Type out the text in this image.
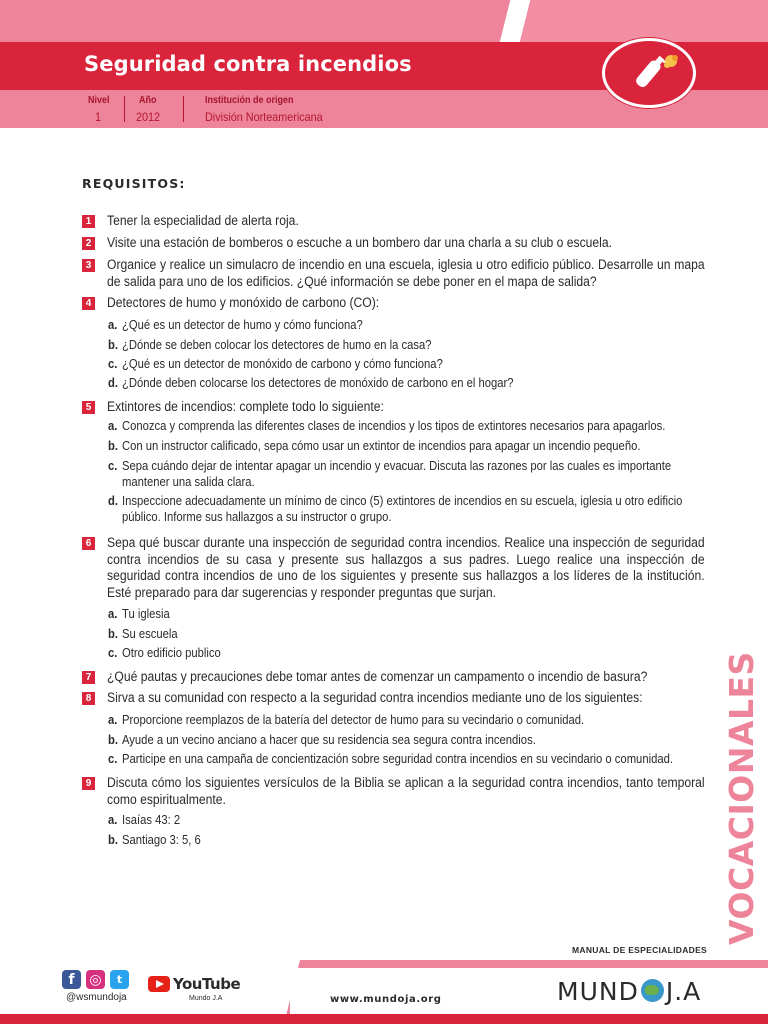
Seguridad contra incendios
Nivel
1
Año
2012
Institución de origen
División Norteamericana
REQUISITOS:
1 Tener la especialidad de alerta roja.
2 Visite una estación de bomberos o escuche a un bombero dar una charla a su club o escuela.
3 Organice y realice un simulacro de incendio en una escuela, iglesia u otro edificio público. Desarrolle un mapa de salida para uno de los edificios. ¿Qué información se debe poner en el mapa de salida?
4 Detectores de humo y monóxido de carbono (CO):
a. ¿Qué es un detector de humo y cómo funciona?
b. ¿Dónde se deben colocar los detectores de humo en la casa?
c. ¿Qué es un detector de monóxido de carbono y cómo funciona?
d. ¿Dónde deben colocarse los detectores de monóxido de carbono en el hogar?
5 Extintores de incendios: complete todo lo siguiente:
a. Conozca y comprenda las diferentes clases de incendios y los tipos de extintores necesarios para apagarlos.
b. Con un instructor calificado, sepa cómo usar un extintor de incendios para apagar un incendio pequeño.
c. Sepa cuándo dejar de intentar apagar un incendio y evacuar. Discuta las razones por las cuales es importante mantener una salida clara.
d. Inspeccione adecuadamente un mínimo de cinco (5) extintores de incendios en su escuela, iglesia u otro edificio público. Informe sus hallazgos a su instructor o grupo.
6 Sepa qué buscar durante una inspección de seguridad contra incendios. Realice una inspección de seguridad contra incendios de su casa y presente sus hallazgos a sus padres. Luego realice una inspección de seguridad contra incendios de uno de los siguientes y presente sus hallazgos a los líderes de la institución. Esté preparado para dar sugerencias y responder preguntas que surjan.
a. Tu iglesia
b. Su escuela
c. Otro edificio publico
7 ¿Qué pautas y precauciones debe tomar antes de comenzar un campamento o incendio de basura?
8 Sirva a su comunidad con respecto a la seguridad contra incendios mediante uno de los siguientes:
a. Proporcione reemplazos de la batería del detector de humo para su vecindario o comunidad.
b. Ayude a un vecino anciano a hacer que su residencia sea segura contra incendios.
c. Participe en una campaña de concientización sobre seguridad contra incendios en su vecindario o comunidad.
9 Discuta cómo los siguientes versículos de la Biblia se aplican a la seguridad contra incendios, tanto temporal como espiritualmente.
a. Isaías 43: 2
b. Santiago 3: 5, 6	VOCACIONALES
MANUAL DE ESPECIALIDADES
f	◎	t
@wsmundoja
YouTube
Mundo J.A	www.mundoja.org	MUND J.A
